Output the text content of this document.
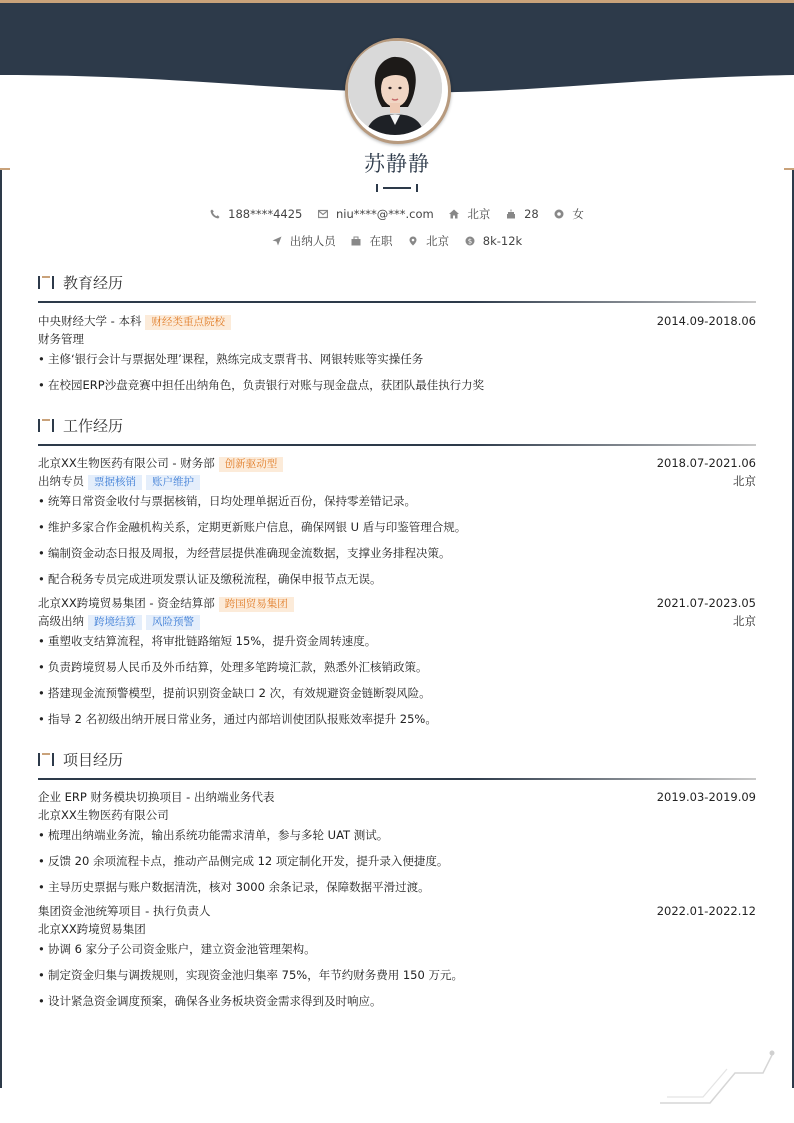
苏静静
188****4425	niu****@***.com	北京	28	女
出纳人员	在职	北京	$ 8k-12k
教育经历
中央财经大学 - 本科 财经类重点院校	2014.09-2018.06
财务管理
• 主修‘银行会计与票据处理’课程，熟练完成支票背书、网银转账等实操任务
• 在校园ERP沙盘竞赛中担任出纳角色，负责银行对账与现金盘点，获团队最佳执行力奖
工作经历
北京XX生物医药有限公司 - 财务部 创新驱动型	2018.07-2021.06
出纳专员 票据核销 账户维护	北京
• 统筹日常资金收付与票据核销，日均处理单据近百份，保持零差错记录。
• 维护多家合作金融机构关系，定期更新账户信息，确保网银 U 盾与印鉴管理合规。
• 编制资金动态日报及周报，为经营层提供准确现金流数据，支撑业务排程决策。
• 配合税务专员完成进项发票认证及缴税流程，确保申报节点无误。
北京XX跨境贸易集团 - 资金结算部 跨国贸易集团	2021.07-2023.05
高级出纳 跨境结算 风险预警	北京
• 重塑收支结算流程，将审批链路缩短 15%，提升资金周转速度。
• 负责跨境贸易人民币及外币结算，处理多笔跨境汇款，熟悉外汇核销政策。
• 搭建现金流预警模型，提前识别资金缺口 2 次，有效规避资金链断裂风险。
• 指导 2 名初级出纳开展日常业务，通过内部培训使团队报账效率提升 25%。
项目经历
企业 ERP 财务模块切换项目 - 出纳端业务代表	2019.03-2019.09
北京XX生物医药有限公司
• 梳理出纳端业务流，输出系统功能需求清单，参与多轮 UAT 测试。
• 反馈 20 余项流程卡点，推动产品侧完成 12 项定制化开发，提升录入便捷度。
• 主导历史票据与账户数据清洗，核对 3000 余条记录，保障数据平滑过渡。
集团资金池统筹项目 - 执行负责人	2022.01-2022.12
北京XX跨境贸易集团
• 协调 6 家分子公司资金账户，建立资金池管理架构。
• 制定资金归集与调拨规则，实现资金池归集率 75%，年节约财务费用 150 万元。
• 设计紧急资金调度预案，确保各业务板块资金需求得到及时响应。
